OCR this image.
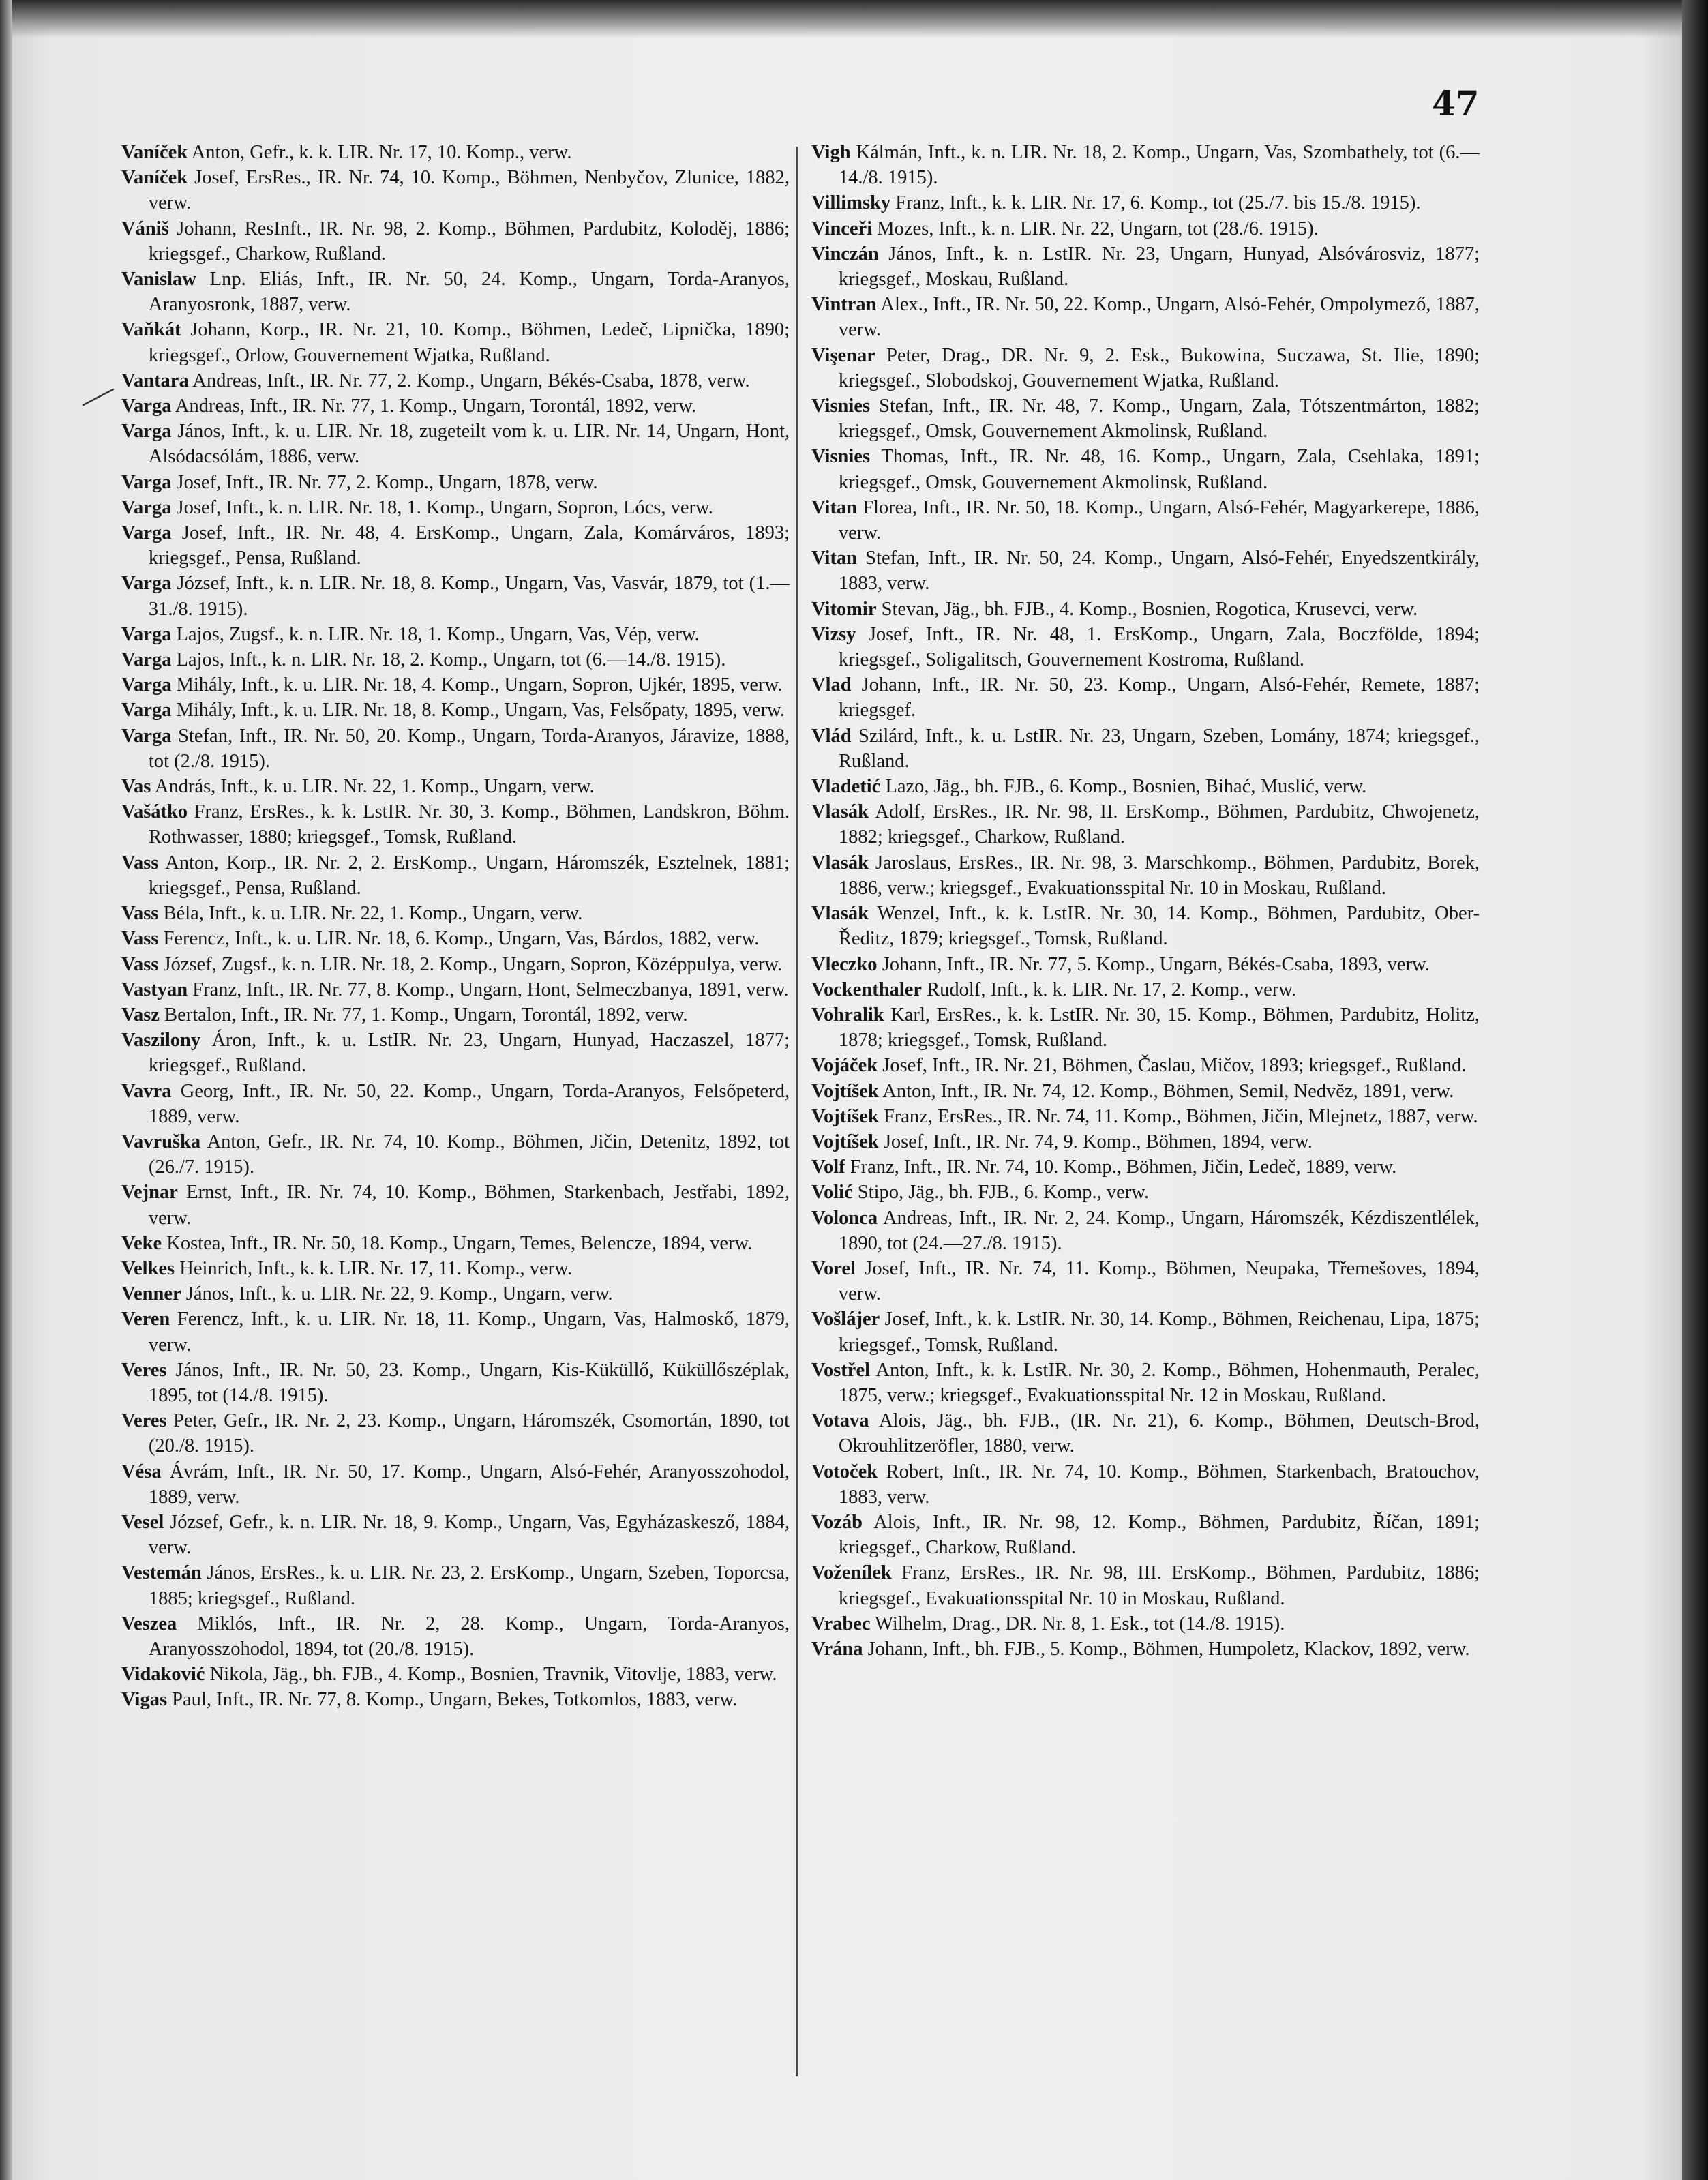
47
Vaníček Anton, Gefr., k. k. LIR. Nr. 17, 10. Komp., verw.
Vaníček Josef, ErsRes., IR. Nr. 74, 10. Komp., Böhmen, Nenbyčov, Zlunice, 1882, verw.
Vániš Johann, ResInft., IR. Nr. 98, 2. Komp., Böhmen, Pardubitz, Koloděj, 1886; kriegsgef., Charkow, Rußland.
Vanislaw Lnp. Eliás, Inft., IR. Nr. 50, 24. Komp., Ungarn, Torda-Aranyos, Aranyosronk, 1887, verw.
Vaňkát Johann, Korp., IR. Nr. 21, 10. Komp., Böhmen, Ledeč, Lipnička, 1890; kriegsgef., Orlow, Gouvernement Wjatka, Rußland.
Vantara Andreas, Inft., IR. Nr. 77, 2. Komp., Ungarn, Békés-Csaba, 1878, verw.
Varga Andreas, Inft., IR. Nr. 77, 1. Komp., Ungarn, Torontál, 1892, verw.
Varga János, Inft., k. u. LIR. Nr. 18, zugeteilt vom k. u. LIR. Nr. 14, Ungarn, Hont, Alsódacsólám, 1886, verw.
Varga Josef, Inft., IR. Nr. 77, 2. Komp., Ungarn, 1878, verw.
Varga Josef, Inft., k. n. LIR. Nr. 18, 1. Komp., Ungarn, Sopron, Lócs, verw.
Varga Josef, Inft., IR. Nr. 48, 4. ErsKomp., Ungarn, Zala, Komárváros, 1893; kriegsgef., Pensa, Rußland.
Varga József, Inft., k. n. LIR. Nr. 18, 8. Komp., Ungarn, Vas, Vasvár, 1879, tot (1.—31./8. 1915).
Varga Lajos, Zugsf., k. n. LIR. Nr. 18, 1. Komp., Ungarn, Vas, Vép, verw.
Varga Lajos, Inft., k. n. LIR. Nr. 18, 2. Komp., Ungarn, tot (6.—14./8. 1915).
Varga Mihály, Inft., k. u. LIR. Nr. 18, 4. Komp., Ungarn, Sopron, Ujkér, 1895, verw.
Varga Mihály, Inft., k. u. LIR. Nr. 18, 8. Komp., Ungarn, Vas, Felsőpaty, 1895, verw.
Varga Stefan, Inft., IR. Nr. 50, 20. Komp., Ungarn, Torda-Aranyos, Járavize, 1888, tot (2./8. 1915).
Vas András, Inft., k. u. LIR. Nr. 22, 1. Komp., Ungarn, verw.
Vašátko Franz, ErsRes., k. k. LstIR. Nr. 30, 3. Komp., Böhmen, Landskron, Böhm. Rothwasser, 1880; kriegsgef., Tomsk, Rußland.
Vass Anton, Korp., IR. Nr. 2, 2. ErsKomp., Ungarn, Háromszék, Esztelnek, 1881; kriegsgef., Pensa, Rußland.
Vass Béla, Inft., k. u. LIR. Nr. 22, 1. Komp., Ungarn, verw.
Vass Ferencz, Inft., k. u. LIR. Nr. 18, 6. Komp., Ungarn, Vas, Bárdos, 1882, verw.
Vass József, Zugsf., k. n. LIR. Nr. 18, 2. Komp., Ungarn, Sopron, Középpulya, verw.
Vastyan Franz, Inft., IR. Nr. 77, 8. Komp., Ungarn, Hont, Selmeczbanya, 1891, verw.
Vasz Bertalon, Inft., IR. Nr. 77, 1. Komp., Ungarn, Torontál, 1892, verw.
Vaszilony Áron, Inft., k. u. LstIR. Nr. 23, Ungarn, Hunyad, Haczaszel, 1877; kriegsgef., Rußland.
Vavra Georg, Inft., IR. Nr. 50, 22. Komp., Ungarn, Torda-Aranyos, Felsőpeterd, 1889, verw.
Vavruška Anton, Gefr., IR. Nr. 74, 10. Komp., Böhmen, Jičin, Detenitz, 1892, tot (26./7. 1915).
Vejnar Ernst, Inft., IR. Nr. 74, 10. Komp., Böhmen, Starkenbach, Jestřabi, 1892, verw.
Veke Kostea, Inft., IR. Nr. 50, 18. Komp., Ungarn, Temes, Belencze, 1894, verw.
Velkes Heinrich, Inft., k. k. LIR. Nr. 17, 11. Komp., verw.
Venner János, Inft., k. u. LIR. Nr. 22, 9. Komp., Ungarn, verw.
Veren Ferencz, Inft., k. u. LIR. Nr. 18, 11. Komp., Ungarn, Vas, Halmoskő, 1879, verw.
Veres János, Inft., IR. Nr. 50, 23. Komp., Ungarn, Kis-Küküllő, Küküllőszéplak, 1895, tot (14./8. 1915).
Veres Peter, Gefr., IR. Nr. 2, 23. Komp., Ungarn, Háromszék, Csomortán, 1890, tot (20./8. 1915).
Vésa Ávrám, Inft., IR. Nr. 50, 17. Komp., Ungarn, Alsó-Fehér, Aranyosszohodol, 1889, verw.
Vesel József, Gefr., k. n. LIR. Nr. 18, 9. Komp., Ungarn, Vas, Egyházaskesző, 1884, verw.
Vestemán János, ErsRes., k. u. LIR. Nr. 23, 2. ErsKomp., Ungarn, Szeben, Toporcsa, 1885; kriegsgef., Rußland.
Veszea Miklós, Inft., IR. Nr. 2, 28. Komp., Ungarn, Torda-Aranyos, Aranyosszohodol, 1894, tot (20./8. 1915).
Vidaković Nikola, Jäg., bh. FJB., 4. Komp., Bosnien, Travnik, Vitovlje, 1883, verw.
Vigas Paul, Inft., IR. Nr. 77, 8. Komp., Ungarn, Bekes, Totkomlos, 1883, verw.
Vigh Kálmán, Inft., k. n. LIR. Nr. 18, 2. Komp., Ungarn, Vas, Szombathely, tot (6.—14./8. 1915).
Villimsky Franz, Inft., k. k. LIR. Nr. 17, 6. Komp., tot (25./7. bis 15./8. 1915).
Vinceři Mozes, Inft., k. n. LIR. Nr. 22, Ungarn, tot (28./6. 1915).
Vinczán János, Inft., k. n. LstIR. Nr. 23, Ungarn, Hunyad, Alsóvárosviz, 1877; kriegsgef., Moskau, Rußland.
Vintran Alex., Inft., IR. Nr. 50, 22. Komp., Ungarn, Alsó-Fehér, Ompolymező, 1887, verw.
Vişenar Peter, Drag., DR. Nr. 9, 2. Esk., Bukowina, Suczawa, St. Ilie, 1890; kriegsgef., Slobodskoj, Gouvernement Wjatka, Rußland.
Visnies Stefan, Inft., IR. Nr. 48, 7. Komp., Ungarn, Zala, Tótszentmárton, 1882; kriegsgef., Omsk, Gouvernement Akmolinsk, Rußland.
Visnies Thomas, Inft., IR. Nr. 48, 16. Komp., Ungarn, Zala, Csehlaka, 1891; kriegsgef., Omsk, Gouvernement Akmolinsk, Rußland.
Vitan Florea, Inft., IR. Nr. 50, 18. Komp., Ungarn, Alsó-Fehér, Magyarkerepe, 1886, verw.
Vitan Stefan, Inft., IR. Nr. 50, 24. Komp., Ungarn, Alsó-Fehér, Enyedszentkirály, 1883, verw.
Vitomir Stevan, Jäg., bh. FJB., 4. Komp., Bosnien, Rogotica, Krusevci, verw.
Vizsy Josef, Inft., IR. Nr. 48, 1. ErsKomp., Ungarn, Zala, Boczfölde, 1894; kriegsgef., Soligalitsch, Gouvernement Kostroma, Rußland.
Vlad Johann, Inft., IR. Nr. 50, 23. Komp., Ungarn, Alsó-Fehér, Remete, 1887; kriegsgef.
Vlád Szilárd, Inft., k. u. LstIR. Nr. 23, Ungarn, Szeben, Lomány, 1874; kriegsgef., Rußland.
Vladetić Lazo, Jäg., bh. FJB., 6. Komp., Bosnien, Bihać, Muslić, verw.
Vlasák Adolf, ErsRes., IR. Nr. 98, II. ErsKomp., Böhmen, Pardubitz, Chwojenetz, 1882; kriegsgef., Charkow, Rußland.
Vlasák Jaroslaus, ErsRes., IR. Nr. 98, 3. Marschkomp., Böhmen, Pardubitz, Borek, 1886, verw.; kriegsgef., Evakuationsspital Nr. 10 in Moskau, Rußland.
Vlasák Wenzel, Inft., k. k. LstIR. Nr. 30, 14. Komp., Böhmen, Pardubitz, Ober-Ředitz, 1879; kriegsgef., Tomsk, Rußland.
Vleczko Johann, Inft., IR. Nr. 77, 5. Komp., Ungarn, Békés-Csaba, 1893, verw.
Vockenthaler Rudolf, Inft., k. k. LIR. Nr. 17, 2. Komp., verw.
Vohralik Karl, ErsRes., k. k. LstIR. Nr. 30, 15. Komp., Böhmen, Pardubitz, Holitz, 1878; kriegsgef., Tomsk, Rußland.
Vojáček Josef, Inft., IR. Nr. 21, Böhmen, Časlau, Mičov, 1893; kriegsgef., Rußland.
Vojtíšek Anton, Inft., IR. Nr. 74, 12. Komp., Böhmen, Semil, Nedvěz, 1891, verw.
Vojtíšek Franz, ErsRes., IR. Nr. 74, 11. Komp., Böhmen, Jičin, Mlejnetz, 1887, verw.
Vojtíšek Josef, Inft., IR. Nr. 74, 9. Komp., Böhmen, 1894, verw.
Volf Franz, Inft., IR. Nr. 74, 10. Komp., Böhmen, Jičin, Ledeč, 1889, verw.
Volić Stipo, Jäg., bh. FJB., 6. Komp., verw.
Volonca Andreas, Inft., IR. Nr. 2, 24. Komp., Ungarn, Háromszék, Kézdiszentlélek, 1890, tot (24.—27./8. 1915).
Vorel Josef, Inft., IR. Nr. 74, 11. Komp., Böhmen, Neupaka, Třemešoves, 1894, verw.
Vošlájer Josef, Inft., k. k. LstIR. Nr. 30, 14. Komp., Böhmen, Reichenau, Lipa, 1875; kriegsgef., Tomsk, Rußland.
Vostřel Anton, Inft., k. k. LstIR. Nr. 30, 2. Komp., Böhmen, Hohenmauth, Peralec, 1875, verw.; kriegsgef., Evakuationsspital Nr. 12 in Moskau, Rußland.
Votava Alois, Jäg., bh. FJB., (IR. Nr. 21), 6. Komp., Böhmen, Deutsch-Brod, Okrouhlitzeröfler, 1880, verw.
Votoček Robert, Inft., IR. Nr. 74, 10. Komp., Böhmen, Starkenbach, Bratouchov, 1883, verw.
Vozáb Alois, Inft., IR. Nr. 98, 12. Komp., Böhmen, Pardubitz, Říčan, 1891; kriegsgef., Charkow, Rußland.
Voženílek Franz, ErsRes., IR. Nr. 98, III. ErsKomp., Böhmen, Pardubitz, 1886; kriegsgef., Evakuationsspital Nr. 10 in Moskau, Rußland.
Vrabec Wilhelm, Drag., DR. Nr. 8, 1. Esk., tot (14./8. 1915).
Vrána Johann, Inft., bh. FJB., 5. Komp., Böhmen, Humpoletz, Klackov, 1892, verw.
